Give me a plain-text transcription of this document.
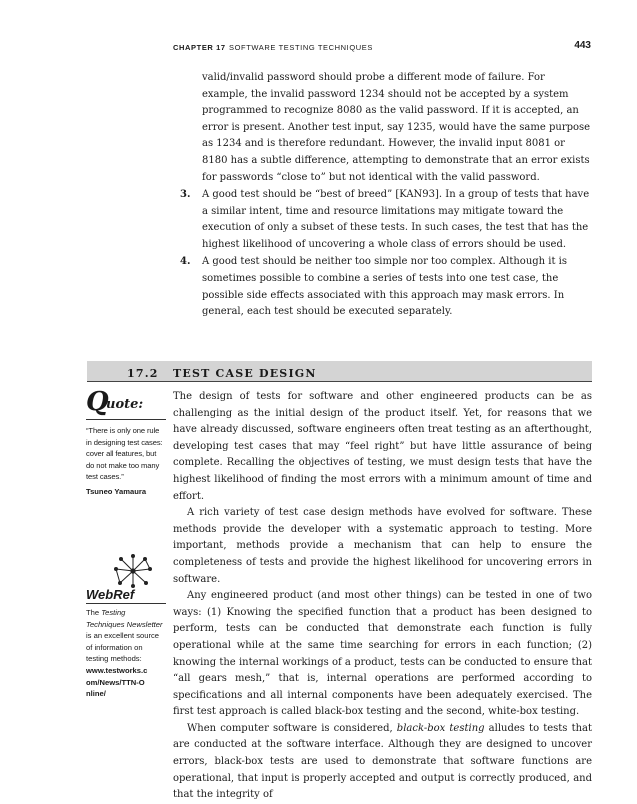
CHAPTER 17 SOFTWARE TESTING TECHNIQUES	443

valid/invalid password should probe a different mode of failure. For example, the invalid password 1234 should not be accepted by a system programmed to recognize 8080 as the valid password. If it is accepted, an error is present. Another test input, say 1235, would have the same purpose as 1234 and is therefore redundant. However, the invalid input 8081 or 8180 has a subtle difference, attempting to demonstrate that an error exists for passwords “close to” but not identical with the valid password.

3.	A good test should be “best of breed” [KAN93]. In a group of tests that have a similar intent, time and resource limitations may mitigate toward the execution of only a subset of these tests. In such cases, the test that has the highest likelihood of uncovering a whole class of errors should be used.
4.	A good test should be neither too simple nor too complex. Although it is sometimes possible to combine a series of tests into one test case, the possible side effects associated with this approach may mask errors. In general, each test should be executed separately.
17.2 TEST CASE DESIGN
Q
uote:
“There is only one rule in designing test cases: cover all features, but do not make too many test cases.”
Tsuneo Yamaura
WebRef
The Testing Techniques Newsletter is an excellent source of information on testing methods:
www.testworks.com/News/TTN-Online/

The design of tests for software and other engineered products can be as challenging as the initial design of the product itself. Yet, for reasons that we have already discussed, software engineers often treat testing as an afterthought, developing test cases that may “feel right” but have little assurance of being complete. Recalling the objectives of testing, we must design tests that have the highest likelihood of finding the most errors with a minimum amount of time and effort.

A rich variety of test case design methods have evolved for software. These methods provide the developer with a systematic approach to testing. More important, methods provide a mechanism that can help to ensure the completeness of tests and provide the highest likelihood for uncovering errors in software.

Any engineered product (and most other things) can be tested in one of two ways: (1) Knowing the specified function that a product has been designed to perform, tests can be conducted that demonstrate each function is fully operational while at the same time searching for errors in each function; (2) knowing the internal workings of a product, tests can be conducted to ensure that “all gears mesh,” that is, internal operations are performed according to specifications and all internal components have been adequately exercised. The first test approach is called black-box testing and the second, white-box testing.

When computer software is considered, black-box testing alludes to tests that are conducted at the software interface. Although they are designed to uncover errors, black-box tests are used to demonstrate that software functions are operational, that input is properly accepted and output is correctly produced, and that the integrity of
